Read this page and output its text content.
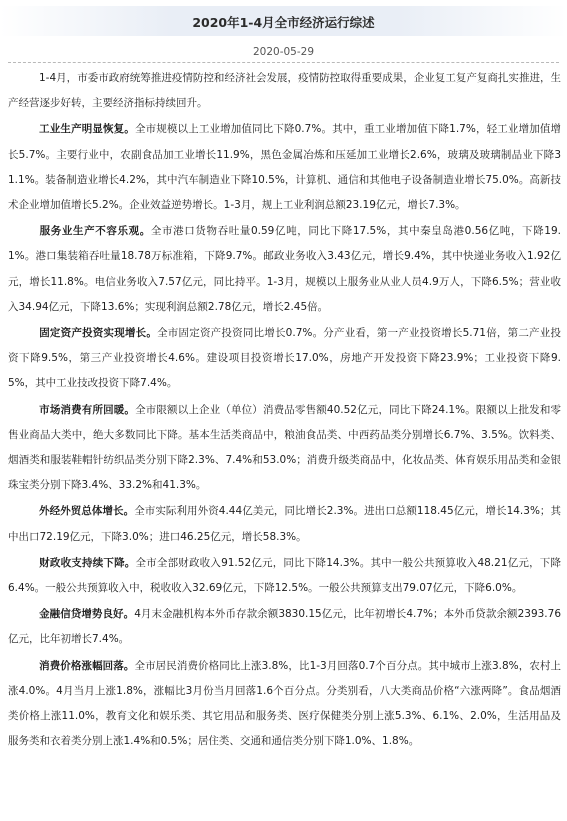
2020年1-4月全市经济运行综述
2020-05-29

1-4月，市委市政府统筹推进疫情防控和经济社会发展，疫情防控取得重要成果，企业复工复产复商扎实推进，生产经营逐步好转，主要经济指标持续回升。

工业生产明显恢复。全市规模以上工业增加值同比下降0.7%。其中，重工业增加值下降1.7%，轻工业增加值增长5.7%。主要行业中，农副食品加工业增长11.9%，黑色金属冶炼和压延加工业增长2.6%，玻璃及玻璃制品业下降31.1%。装备制造业增长4.2%，其中汽车制造业下降10.5%，计算机、通信和其他电子设备制造业增长75.0%。高新技术企业增加值增长5.2%。企业效益逆势增长。1-3月，规上工业利润总额23.19亿元，增长7.3%。

服务业生产不容乐观。全市港口货物吞吐量0.59亿吨，同比下降17.5%，其中秦皇岛港0.56亿吨，下降19.1%。港口集装箱吞吐量18.78万标准箱，下降9.7%。邮政业务收入3.43亿元，增长9.4%，其中快递业务收入1.92亿元，增长11.8%。电信业务收入7.57亿元，同比持平。1-3月，规模以上服务业从业人员4.9万人，下降6.5%；营业收入34.94亿元，下降13.6%；实现利润总额2.78亿元，增长2.45倍。

固定资产投资实现增长。全市固定资产投资同比增长0.7%。分产业看，第一产业投资增长5.71倍，第二产业投资下降9.5%，第三产业投资增长4.6%。建设项目投资增长17.0%，房地产开发投资下降23.9%；工业投资下降9.5%，其中工业技改投资下降7.4%。

市场消费有所回暖。全市限额以上企业（单位）消费品零售额40.52亿元，同比下降24.1%。限额以上批发和零售业商品大类中，绝大多数同比下降。基本生活类商品中，粮油食品类、中西药品类分别增长6.7%、3.5%。饮料类、烟酒类和服装鞋帽针纺织品类分别下降2.3%、7.4%和53.0%；消费升级类商品中，化妆品类、体育娱乐用品类和金银珠宝类分别下降3.4%、33.2%和41.3%。

外经外贸总体增长。全市实际利用外资4.44亿美元，同比增长2.3%。进出口总额118.45亿元，增长14.3%；其中出口72.19亿元，下降3.0%；进口46.25亿元，增长58.3%。

财政收支持续下降。全市全部财政收入91.52亿元，同比下降14.3%。其中一般公共预算收入48.21亿元，下降6.4%。一般公共预算收入中，税收收入32.69亿元，下降12.5%。一般公共预算支出79.07亿元，下降6.0%。

金融信贷增势良好。4月末金融机构本外币存款余额3830.15亿元，比年初增长4.7%；本外币贷款余额2393.76亿元，比年初增长7.4%。

消费价格涨幅回落。全市居民消费价格同比上涨3.8%，比1-3月回落0.7个百分点。其中城市上涨3.8%，农村上涨4.0%。4月当月上涨1.8%，涨幅比3月份当月回落1.6个百分点。分类别看，八大类商品价格“六涨两降”。食品烟酒类价格上涨11.0%，教育文化和娱乐类、其它用品和服务类、医疗保健类分别上涨5.3%、6.1%、2.0%，生活用品及服务类和衣着类分别上涨1.4%和0.5%；居住类、交通和通信类分别下降1.0%、1.8%。
